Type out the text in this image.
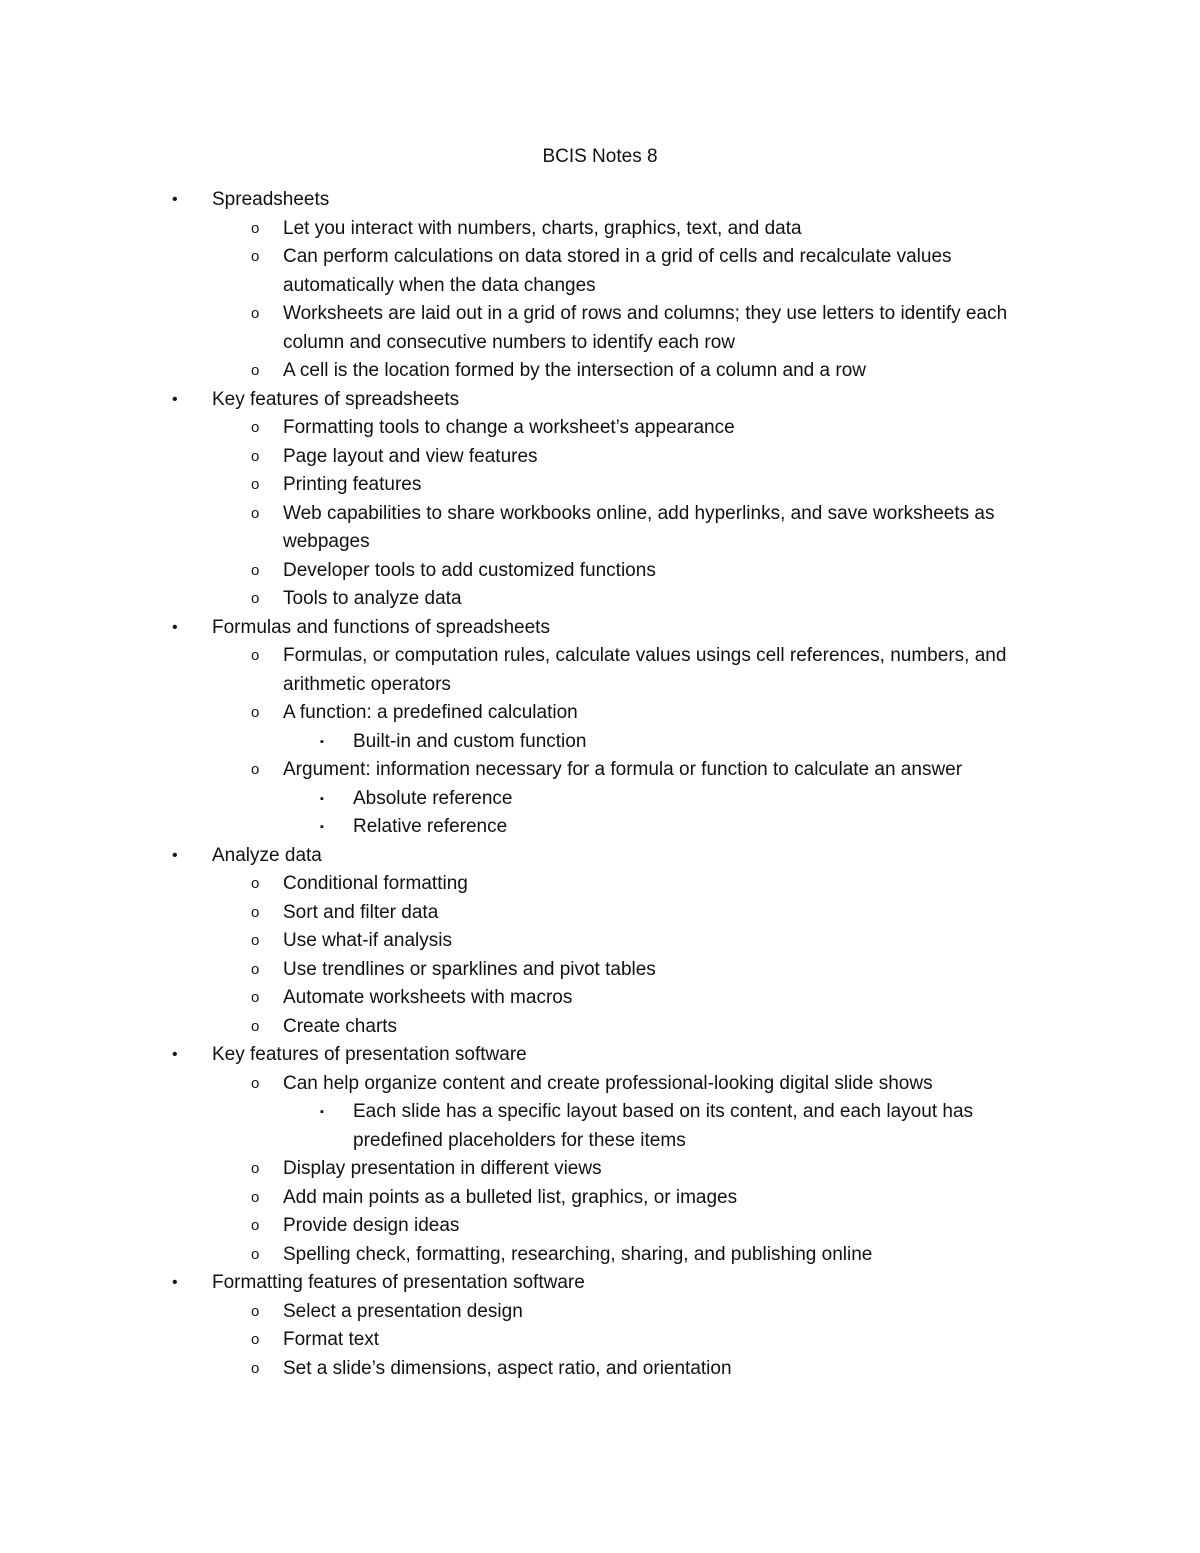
BCIS Notes 8
• Spreadsheets
o Let you interact with numbers, charts, graphics, text, and data
o Can perform calculations on data stored in a grid of cells and recalculate values
automatically when the data changes
o Worksheets are laid out in a grid of rows and columns; they use letters to identify each
column and consecutive numbers to identify each row
o A cell is the location formed by the intersection of a column and a row
• Key features of spreadsheets
o Formatting tools to change a worksheet’s appearance
o Page layout and view features
o Printing features
o Web capabilities to share workbooks online, add hyperlinks, and save worksheets as
webpages
o Developer tools to add customized functions
o Tools to analyze data
• Formulas and functions of spreadsheets
o Formulas, or computation rules, calculate values usings cell references, numbers, and
arithmetic operators
o A function: a predefined calculation
▪ Built-in and custom function
o Argument: information necessary for a formula or function to calculate an answer
▪ Absolute reference
▪ Relative reference
• Analyze data
o Conditional formatting
o Sort and filter data
o Use what-if analysis
o Use trendlines or sparklines and pivot tables
o Automate worksheets with macros
o Create charts
• Key features of presentation software
o Can help organize content and create professional-looking digital slide shows
▪ Each slide has a specific layout based on its content, and each layout has
predefined placeholders for these items
o Display presentation in different views
o Add main points as a bulleted list, graphics, or images
o Provide design ideas
o Spelling check, formatting, researching, sharing, and publishing online
• Formatting features of presentation software
o Select a presentation design
o Format text
o Set a slide’s dimensions, aspect ratio, and orientation
